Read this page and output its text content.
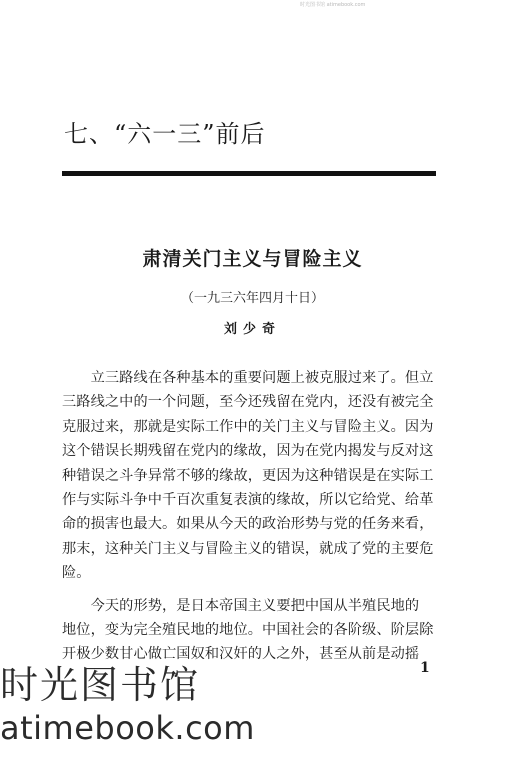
时光图书馆 atimebook.com
七、“六一三”前后
肃清关门主义与冒险主义
（一九三六年四月十日）
刘少奇
　　立三路线在各种基本的重要问题上被克服过来了。但立
三路线之中的一个问题，至今还残留在党内，还没有被完全
克服过来，那就是实际工作中的关门主义与冒险主义。因为
这个错误长期残留在党内的缘故，因为在党内揭发与反对这
种错误之斗争异常不够的缘故，更因为这种错误是在实际工
作与实际斗争中千百次重复表演的缘故，所以它给党、给革
命的损害也最大。如果从今天的政治形势与党的任务来看，
那末，这种关门主义与冒险主义的错误，就成了党的主要危
险。
　　今天的形势，是日本帝国主义要把中国从半殖民地的
地位，变为完全殖民地的地位。中国社会的各阶级、阶层除
开极少数甘心做亡国奴和汉奸的人之外，甚至从前是动摇
1
时光图书馆
atimebook.com
